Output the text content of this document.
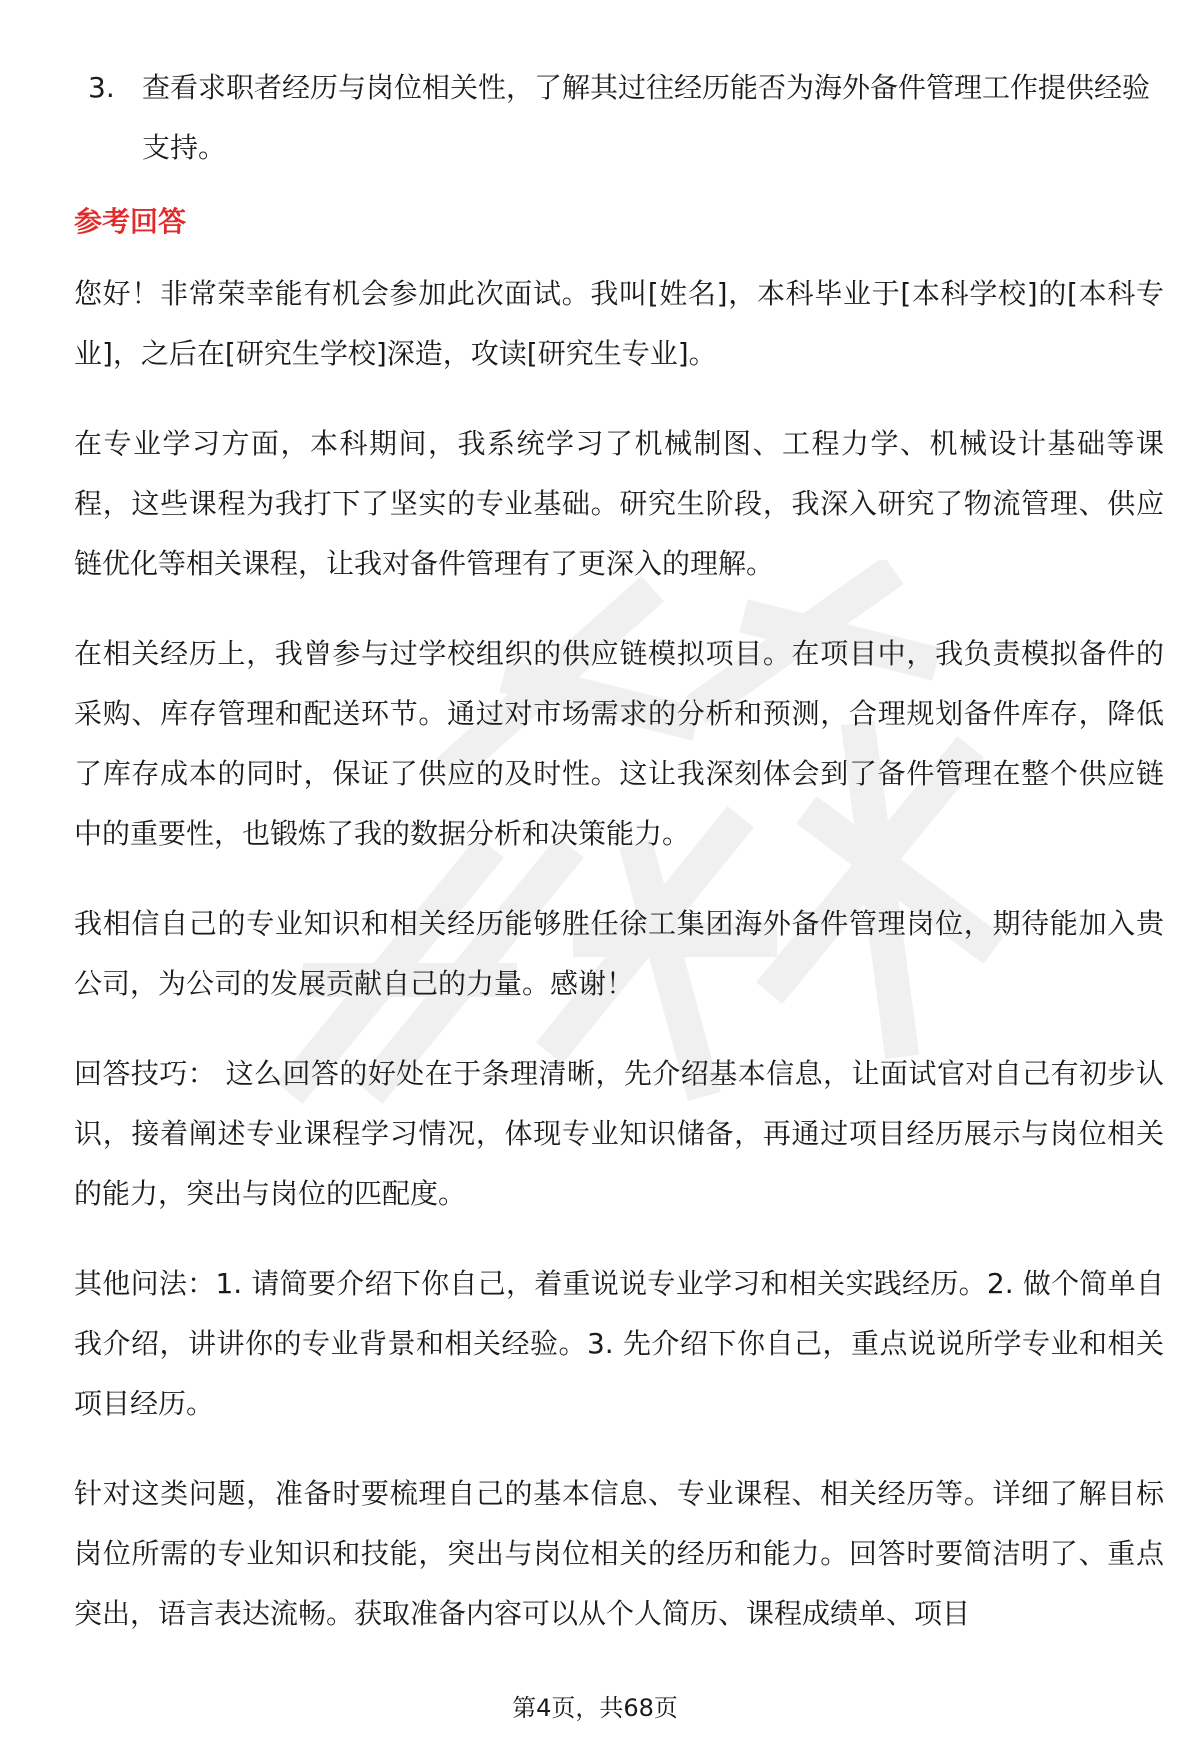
3. 查看求职者经历与岗位相关性，了解其过往经历能否为海外备件管理工作提供经验支持。
参考回答

您好！非常荣幸能有机会参加此次面试。我叫[姓名]，本科毕业于[本科学校]的[本科专业]，之后在[研究生学校]深造，攻读[研究生专业]。

在专业学习方面，本科期间，我系统学习了机械制图、工程力学、机械设计基础等课程，这些课程为我打下了坚实的专业基础。研究生阶段，我深入研究了物流管理、供应链优化等相关课程，让我对备件管理有了更深入的理解。

在相关经历上，我曾参与过学校组织的供应链模拟项目。在项目中，我负责模拟备件的采购、库存管理和配送环节。通过对市场需求的分析和预测，合理规划备件库存，降低了库存成本的同时，保证了供应的及时性。这让我深刻体会到了备件管理在整个供应链中的重要性，也锻炼了我的数据分析和决策能力。

我相信自己的专业知识和相关经历能够胜任徐工集团海外备件管理岗位，期待能加入贵公司，为公司的发展贡献自己的力量。感谢！

回答技巧： 这么回答的好处在于条理清晰，先介绍基本信息，让面试官对自己有初步认识，接着阐述专业课程学习情况，体现专业知识储备，再通过项目经历展示与岗位相关的能力，突出与岗位的匹配度。

其他问法：1. 请简要介绍下你自己，着重说说专业学习和相关实践经历。2. 做个简单自我介绍，讲讲你的专业背景和相关经验。3. 先介绍下你自己，重点说说所学专业和相关项目经历。

针对这类问题，准备时要梳理自己的基本信息、专业课程、相关经历等。详细了解目标岗位所需的专业知识和技能，突出与岗位相关的经历和能力。回答时要简洁明了、重点突出，语言表达流畅。获取准备内容可以从个人简历、课程成绩单、项目

第4页，共68页
